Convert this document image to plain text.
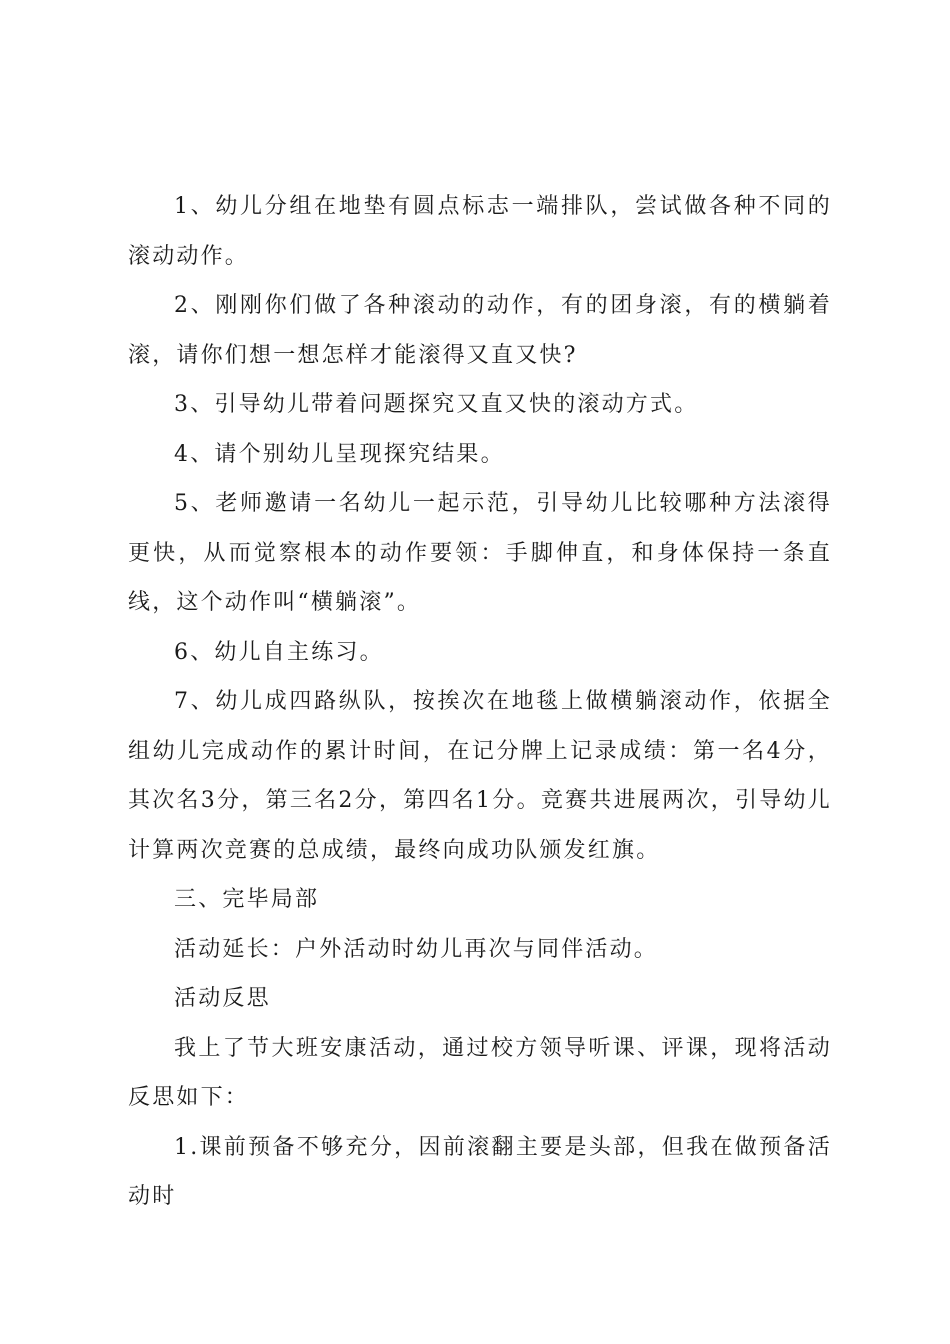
1、幼儿分组在地垫有圆点标志一端排队，尝试做各种不同的滚动动作。

2、刚刚你们做了各种滚动的动作，有的团身滚，有的横躺着滚，请你们想一想怎样才能滚得又直又快?

3、引导幼儿带着问题探究又直又快的滚动方式。

4、请个别幼儿呈现探究结果。

5、老师邀请一名幼儿一起示范，引导幼儿比较哪种方法滚得更快，从而觉察根本的动作要领：手脚伸直，和身体保持一条直线，这个动作叫“横躺滚”。

6、幼儿自主练习。

7、幼儿成四路纵队，按挨次在地毯上做横躺滚动作，依据全组幼儿完成动作的累计时间，在记分牌上记录成绩：第一名4分，其次名3分，第三名2分，第四名1分。竞赛共进展两次，引导幼儿计算两次竞赛的总成绩，最终向成功队颁发红旗。

三、完毕局部

活动延长：户外活动时幼儿再次与同伴活动。

活动反思

我上了节大班安康活动，通过校方领导听课、评课，现将活动反思如下：

1.课前预备不够充分，因前滚翻主要是头部，但我在做预备活动时
